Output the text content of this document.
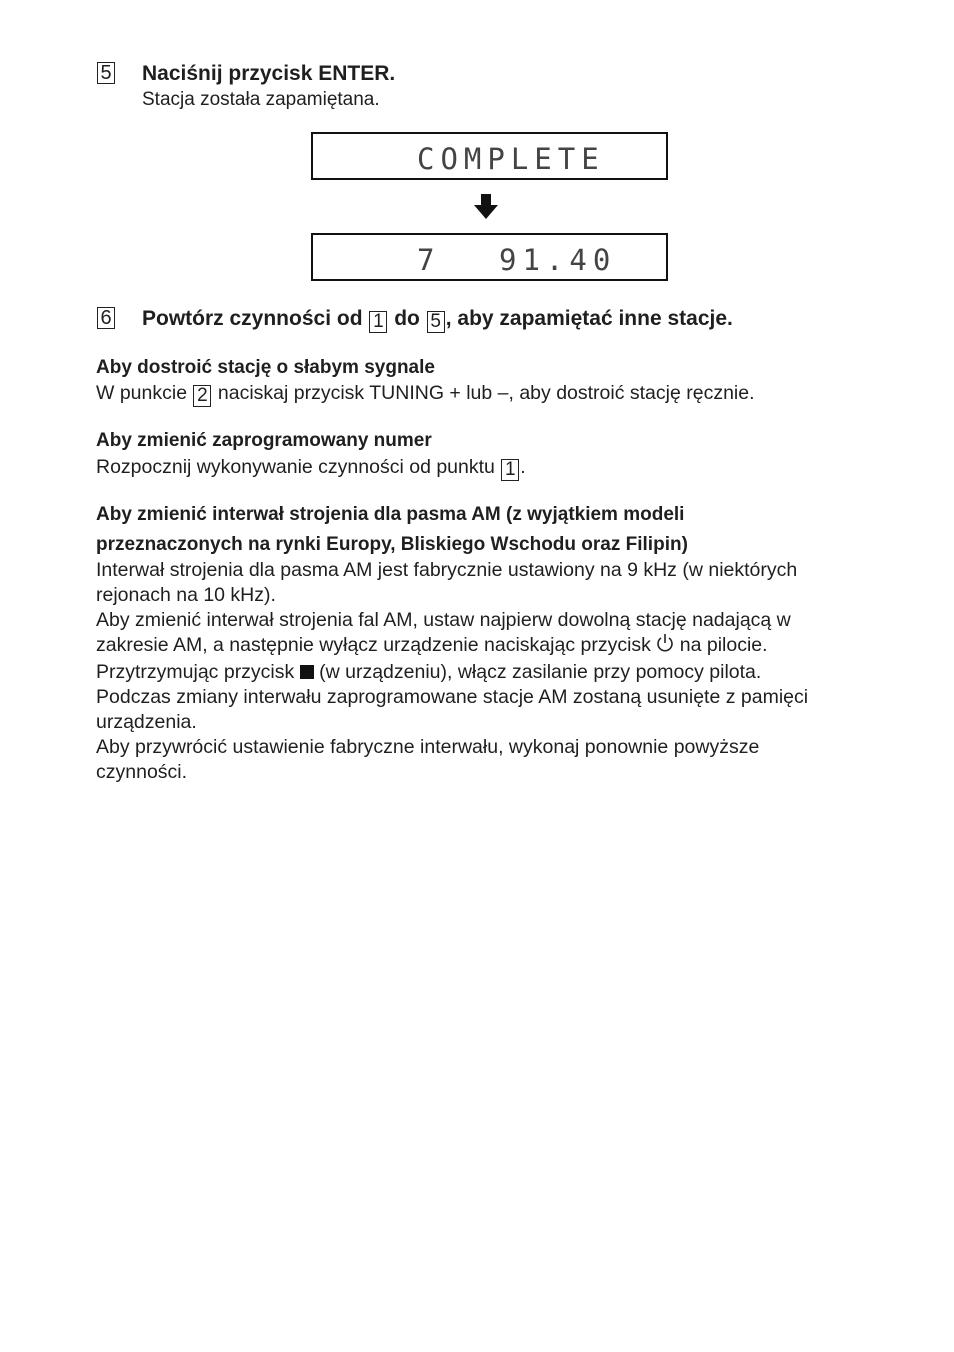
5 Naciśnij przycisk ENTER.
Stacja została zapamiętana.
COMPLETE
7 91.40
6 Powtórz czynności od 1 do 5 , aby zapamiętać inne stacje.
Aby dostroić stację o słabym sygnale
W punkcie 2 naciskaj przycisk TUNING + lub –, aby dostroić stację ręcznie.
Aby zmienić zaprogramowany numer
Rozpocznij wykonywanie czynności od punktu 1 .
Aby zmienić interwał strojenia dla pasma AM (z wyjątkiem modeli
przeznaczonych na rynki Europy, Bliskiego Wschodu oraz Filipin)
Interwał strojenia dla pasma AM jest fabrycznie ustawiony na 9 kHz (w niektórych
rejonach na 10 kHz).
Aby zmienić interwał strojenia fal AM, ustaw najpierw dowolną stację nadającą w
zakresie AM, a następnie wyłącz urządzenie naciskając przycisk na pilocie.
Przytrzymując przycisk (w urządzeniu), włącz zasilanie przy pomocy pilota.
Podczas zmiany interwału zaprogramowane stacje AM zostaną usunięte z pamięci
urządzenia.
Aby przywrócić ustawienie fabryczne interwału, wykonaj ponownie powyższe
czynności.
